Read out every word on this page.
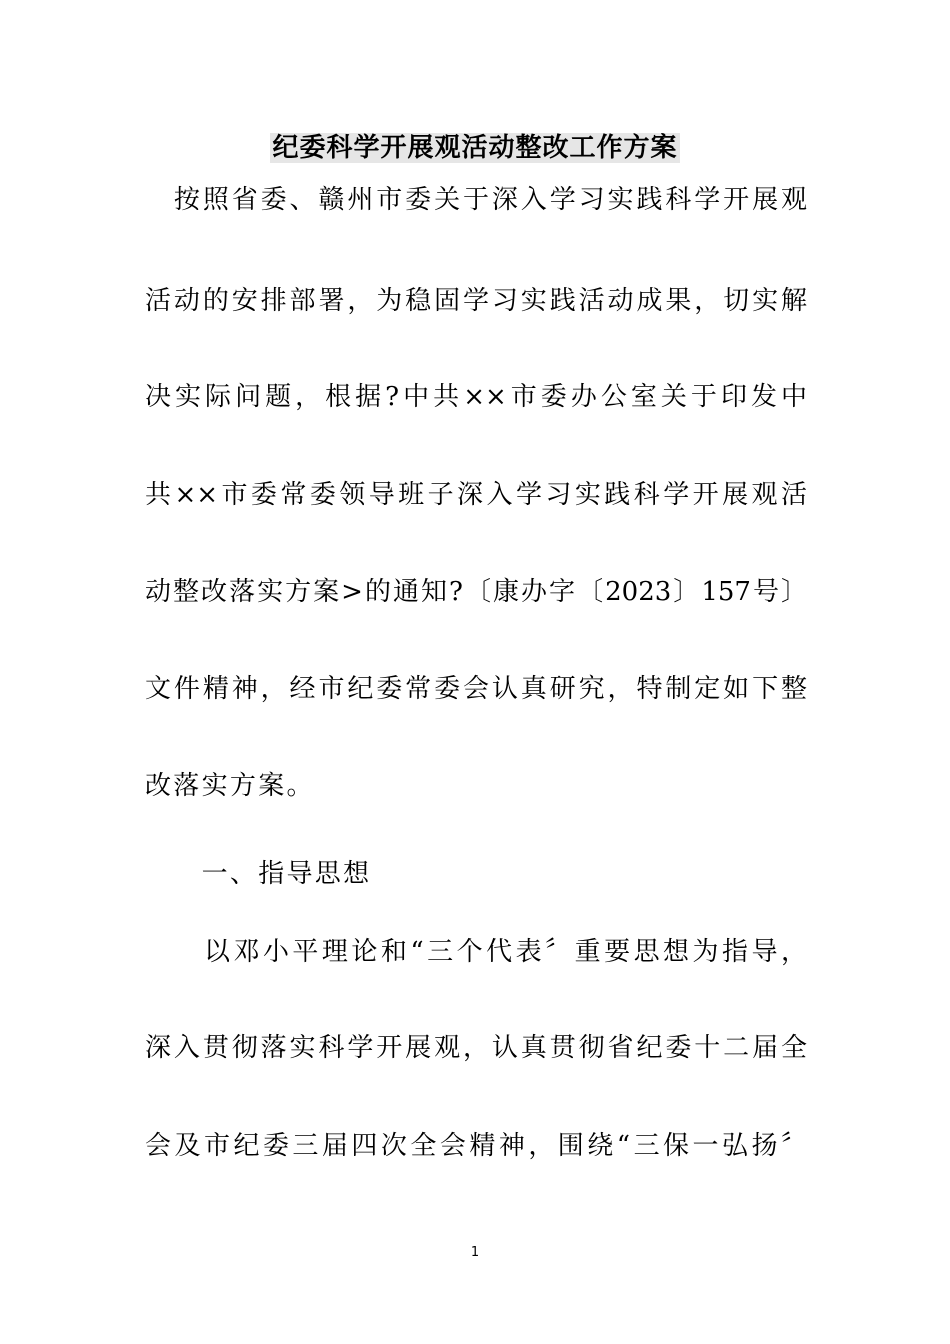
纪委科学开展观活动整改工作方案
　按照省委、赣州市委关于深入学习实践科学开展观
活动的安排部署，为稳固学习实践活动成果，切实解
决实际问题，根据?中共××市委办公室关于印发中
共××市委常委领导班子深入学习实践科学开展观活
动整改落实方案>的通知?〔康办字〔2023〕157号〕
文件精神，经市纪委常委会认真研究，特制定如下整
改落实方案。
　　一、指导思想
　　以邓小平理论和“三个代表〞重要思想为指导，
深入贯彻落实科学开展观，认真贯彻省纪委十二届全
会及市纪委三届四次全会精神，围绕“三保一弘扬〞
1
